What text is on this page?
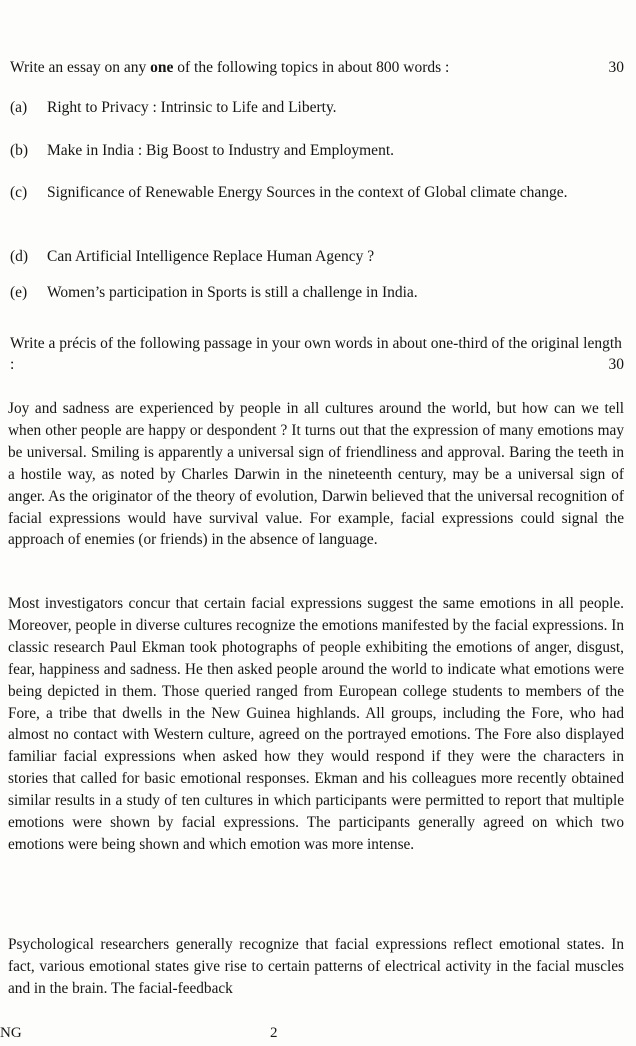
Write an essay on any one of the following topics in about 800 words :	30
(a) Right to Privacy : Intrinsic to Life and Liberty.
(b) Make in India : Big Boost to Industry and Employment.
(c) Significance of Renewable Energy Sources in the context of Global climate change.
(d) Can Artificial Intelligence Replace Human Agency ?
(e) Women’s participation in Sports is still a challenge in India.
Write a précis of the following passage in your own words in about one-third of the original length :	30

Joy and sadness are experienced by people in all cultures around the world, but how can we tell when other people are happy or despondent ? It turns out that the expression of many emotions may be universal. Smiling is apparently a universal sign of friendliness and approval. Baring the teeth in a hostile way, as noted by Charles Darwin in the nineteenth century, may be a universal sign of anger. As the originator of the theory of evolution, Darwin believed that the universal recognition of facial expressions would have survival value. For example, facial expressions could signal the approach of enemies (or friends) in the absence of language.

Most investigators concur that certain facial expressions suggest the same emotions in all people. Moreover, people in diverse cultures recognize the emotions manifested by the facial expressions. In classic research Paul Ekman took photographs of people exhibiting the emotions of anger, disgust, fear, happiness and sadness. He then asked people around the world to indicate what emotions were being depicted in them. Those queried ranged from European college students to members of the Fore, a tribe that dwells in the New Guinea highlands. All groups, including the Fore, who had almost no contact with Western culture, agreed on the portrayed emotions. The Fore also displayed familiar facial expressions when asked how they would respond if they were the characters in stories that called for basic emotional responses. Ekman and his colleagues more recently obtained similar results in a study of ten cultures in which participants were permitted to report that multiple emotions were shown by facial expressions. The participants generally agreed on which two emotions were being shown and which emotion was more intense.

Psychological researchers generally recognize that facial expressions reflect emotional states. In fact, various emotional states give rise to certain patterns of electrical activity in the facial muscles and in the brain. The facial-feedback

NG	2
